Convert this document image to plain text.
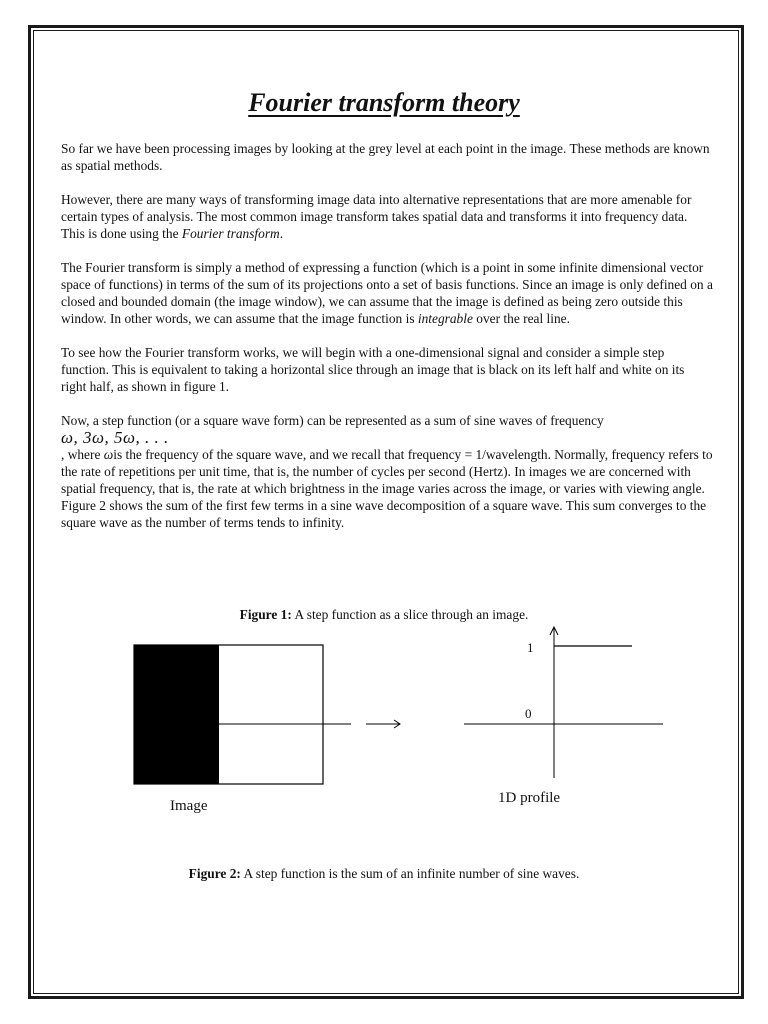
Fourier transform theory

So far we have been processing images by looking at the grey level at each point in the image. These methods are known as spatial methods.

However, there are many ways of transforming image data into alternative representations that are more amenable for certain types of analysis. The most common image transform takes spatial data and transforms it into frequency data. This is done using the Fourier transform.

The Fourier transform is simply a method of expressing a function (which is a point in some infinite dimensional vector space of functions) in terms of the sum of its projections onto a set of basis functions. Since an image is only defined on a closed and bounded domain (the image window), we can assume that the image is defined as being zero outside this window. In other words, we can assume that the image function is integrable over the real line.

To see how the Fourier transform works, we will begin with a one-dimensional signal and consider a simple step function. This is equivalent to taking a horizontal slice through an image that is black on its left half and white on its right half, as shown in figure 1.

Now, a step function (or a square wave form) can be represented as a sum of sine waves of frequency
ω, 3ω, 5ω, . . .
, where ωis the frequency of the square wave, and we recall that frequency = 1/wavelength. Normally, frequency refers to the rate of repetitions per unit time, that is, the number of cycles per second (Hertz). In images we are concerned with spatial frequency, that is, the rate at which brightness in the image varies across the image, or varies with viewing angle. Figure 2 shows the sum of the first few terms in a sine wave decomposition of a square wave. This sum converges to the square wave as the number of terms tends to infinity.

Figure 1: A step function as a slice through an image.
1
0
Image	1D profile
Figure 2: A step function is the sum of an infinite number of sine waves.
